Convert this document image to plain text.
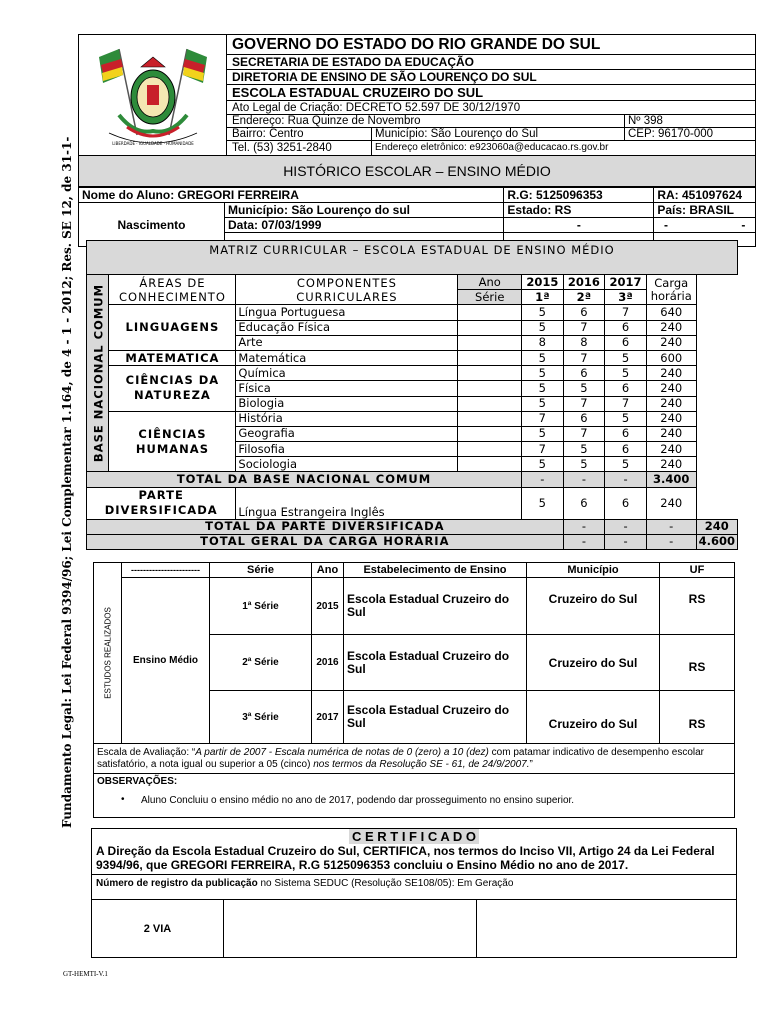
LIBERDADE · IGUALDADE · HUMANIDADE
GOVERNO DO ESTADO DO RIO GRANDE DO SUL
SECRETARIA DE ESTADO DA EDUCAÇÃO
DIRETORIA DE ENSINO DE SÃO LOURENÇO DO SUL
ESCOLA ESTADUAL CRUZEIRO DO SUL
Ato Legal de Criação: DECRETO 52.597 DE 30/12/1970
Endereço: Rua Quinze de Novembro	Nº 398
Bairro: Centro	Município: São Lourenço do Sul	CEP: 96170-000
Tel. (53) 3251-2840	Endereço eletrônico: e923060a@educacao.rs.gov.br
HISTÓRICO ESCOLAR – ENSINO MÉDIO
Nome do Aluno: GREGORI FERREIRA		R.G: 5125096353	RA: 451097624
Nascimento	Município: São Lourenço do sul	Estado: RS	País: BRASIL
	Data: 07/03/1999	-	- -

MATRIZ CURRICULAR – ESCOLA ESTADUAL DE ENSINO MÉDIO								

BASE NACIONAL COMUM	ÁREAS DE CONHECIMENTO	COMPONENTES CURRICULARES	Ano	2015	2016	2017	Carga horária	
			Série	1ª	2ª	3ª		
	LINGUAGENS	Língua Portuguesa		5	6	7	640	
		Educação Física		5	7	6	240	
		Arte		8	8	6	240	
	MATEMATICA	Matemática		5	7	5	600	
	CIÊNCIAS DA NATUREZA	Química		5	6	5	240	
		Física		5	5	6	240	
		Biologia		5	7	7	240	
	CIÊNCIAS HUMANAS	História		7	6	5	240	
		Geografia		5	7	6	240	
		Filosofia		7	5	6	240	
		Sociologia		5	5	5	240	
TOTAL DA BASE NACIONAL COMUM				-	-	-	3.400	
PARTE DIVERSIFICADA		Língua Estrangeira Inglês		5	6	6	240	
TOTAL DA PARTE DIVERSIFICADA					-	-	-	240
TOTAL GERAL DA CARGA HORÁRIA					-	-	-	4.600
ESTUDOS REALIZADOS	-----------------------	Série	Ano	Estabelecimento de Ensino	Município	UF
	Ensino Médio	1ª Série	2015	Escola Estadual Cruzeiro do Sul	Cruzeiro do Sul	RS
		2ª Série	2016	Escola Estadual Cruzeiro do Sul	Cruzeiro do Sul	RS
		3ª Série	2017	Escola Estadual Cruzeiro do Sul	Cruzeiro do Sul	RS
Escala de Avaliação: “A partir de 2007 - Escala numérica de notas de 0 (zero) a 10 (dez) com patamar indicativo de desempenho escolar satisfatório, a nota igual ou superior a 05 (cinco) nos termos da Resolução SE - 61, de 24/9/2007.”						

OBSERVAÇÕES:
• Aluno Concluiu o ensino médio no ano de 2017, podendo dar prosseguimento no ensino superior.						
C E R T I F I C A D O
A Direção da Escola Estadual Cruzeiro do Sul, CERTIFICA, nos termos do Inciso VII, Artigo 24 da Lei Federal 9394/96, que GREGORI FERREIRA, R.G 5125096353 concluiu o Ensino Médio no ano de 2017.
Número de registro da publicação no Sistema SEDUC (Resolução SE108/05): Em Geração
2 VIA
Fundamento Legal: Lei Federal 9394/96; Lei Complementar 1.164, de 4 - 1 - 2012; Res. SE 12, de 31-1-
GT-HEMTI-V.1
